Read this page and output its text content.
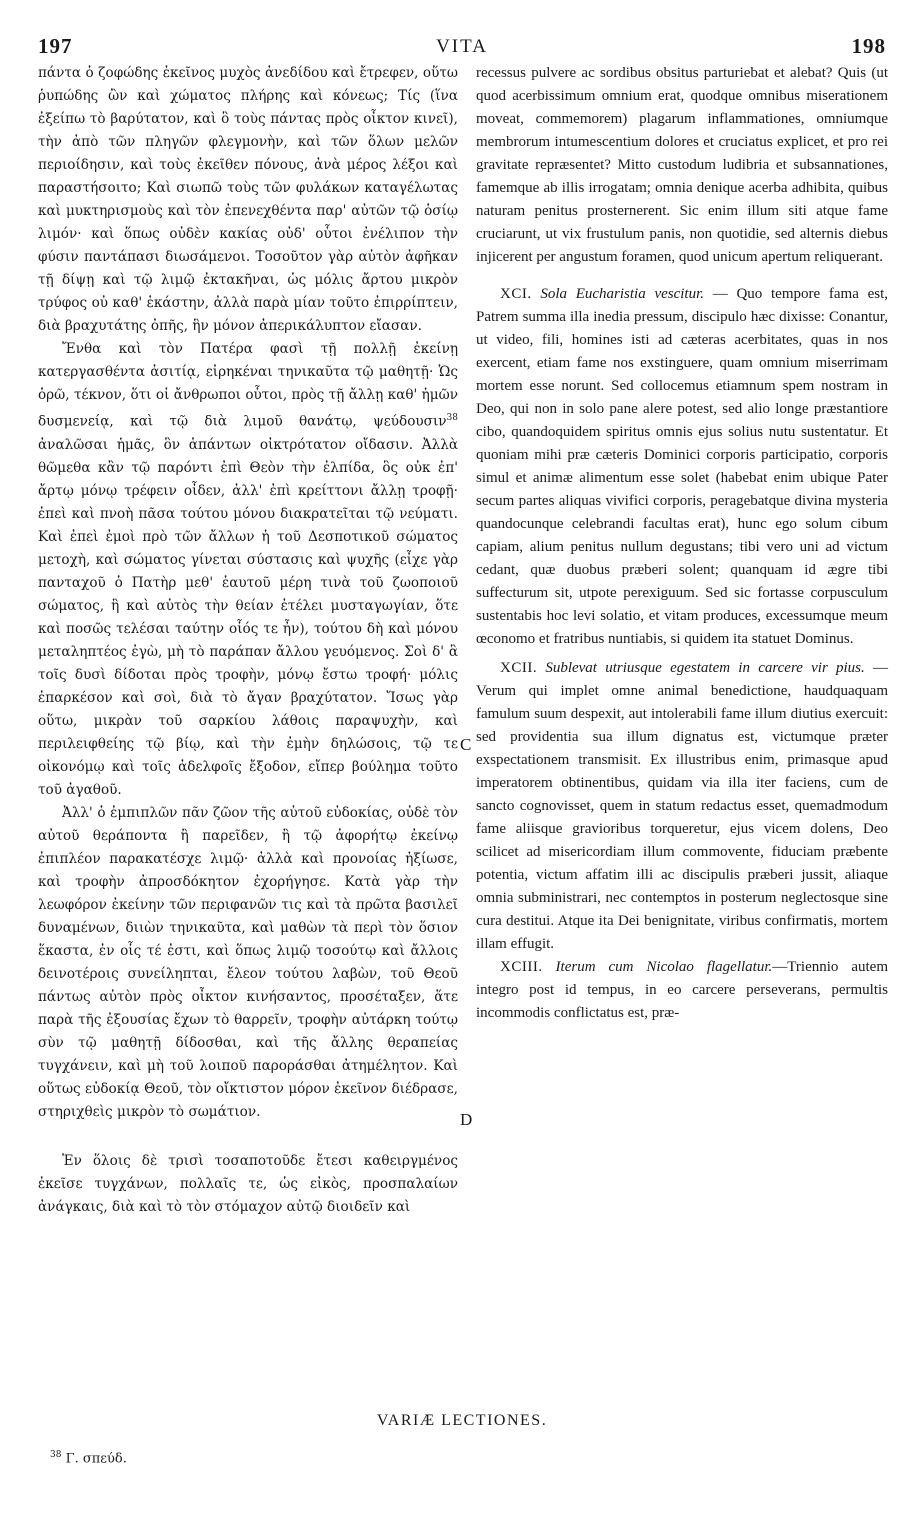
197	VITA	198

πάντα ὁ ζοφώδης ἐκεῖνος μυχὸς ἀνεδίδου καὶ ἔτρεφεν, οὕτω ῥυπώδης ὢν καὶ χώματος πλήρης καὶ κόνεως; Τίς (ἵνα ἐξείπω τὸ βαρύτατον, καὶ ὃ τοὺς πάντας πρὸς οἶκτον κινεῖ), τὴν ἀπὸ τῶν πληγῶν φλεγμονὴν, καὶ τῶν ὅλων μελῶν περιοίδησιν, καὶ τοὺς ἐκεῖθεν πόνους, ἀνὰ μέρος λέξοι καὶ παραστήσοιτο; Καὶ σιωπῶ τοὺς τῶν φυλάκων καταγέλωτας καὶ μυκτηρισμοὺς καὶ τὸν ἐπενεχθέντα παρ' αὐτῶν τῷ ὁσίῳ λιμόν· καὶ ὅπως οὐδὲν κακίας οὐδ' οὗτοι ἐνέλιπον τὴν φύσιν παντάπασι διωσάμενοι. Τοσοῦτον γὰρ αὐτὸν ἀφῆκαν τῇ δίψῃ καὶ τῷ λιμῷ ἐκτακῆναι, ὡς μόλις ἄρτου μικρὸν τρύφος οὐ καθ' ἑκάστην, ἀλλὰ παρὰ μίαν τοῦτο ἐπιρρίπτειν, διὰ βραχυτάτης ὀπῆς, ἣν μόνον ἀπερικάλυπτον εἴασαν.

Ἔνθα καὶ τὸν Πατέρα φασὶ τῇ πολλῇ ἐκείνῃ κατεργασθέντα ἀσιτίᾳ, εἰρηκέναι τηνικαῦτα τῷ μαθητῇ· Ὡς ὁρῶ, τέκνον, ὅτι οἱ ἄνθρωποι οὗτοι, πρὸς τῇ ἄλλῃ καθ' ἡμῶν δυσμενείᾳ, καὶ τῷ διὰ λιμοῦ θανάτῳ, ψεύδουσιν$^{38}$ ἀναλῶσαι ἡμᾶς, ὃν ἁπάντων οἰκτρότατον οἴδασιν. Ἀλλὰ θῶμεθα κἂν τῷ παρόντι ἐπὶ Θεὸν τὴν ἐλπίδα, ὃς οὐκ ἐπ' ἄρτῳ μόνῳ τρέφειν οἶδεν, ἀλλ' ἐπὶ κρείττονι ἄλλῃ τροφῇ· ἐπεὶ καὶ πνοὴ πᾶσα τούτου μόνου διακρατεῖται τῷ νεύματι. Καὶ ἐπεὶ ἐμοὶ πρὸ τῶν ἄλλων ἡ τοῦ Δεσποτικοῦ σώματος μετοχὴ, καὶ σώματος γίνεται σύστασις καὶ ψυχῆς (εἶχε γὰρ πανταχοῦ ὁ Πατὴρ μεθ' ἑαυτοῦ μέρη τινὰ τοῦ ζωοποιοῦ σώματος, ἣ καὶ αὐτὸς τὴν θείαν ἐτέλει μυσταγωγίαν, ὅτε καὶ ποσῶς τελέσαι ταύτην οἷός τε ἦν), τούτου δὴ καὶ μόνου μεταληπτέος ἐγὼ, μὴ τὸ παράπαν ἄλλου γευόμενος. Σοὶ δ' ἃ τοῖς δυσὶ δίδοται πρὸς τροφὴν, μόνῳ ἔστω τροφή· μόλις ἐπαρκέσον καὶ σοὶ, διὰ τὸ ἄγαν βραχύτατον. Ἴσως γὰρ οὕτω, μικρὰν τοῦ σαρκίου λάθοις παραψυχὴν, καὶ περιλειφθείης τῷ βίῳ, καὶ τὴν ἐμὴν δηλώσοις, τῷ τε οἰκονόμῳ καὶ τοῖς ἀδελφοῖς ἔξοδον, εἴπερ βούλημα τοῦτο τοῦ ἀγαθοῦ.

Ἀλλ' ὁ ἐμπιπλῶν πᾶν ζῶον τῆς αὐτοῦ εὐδοκίας, οὐδὲ τὸν αὐτοῦ θεράποντα ἢ παρεῖδεν, ἢ τῷ ἀφορήτῳ ἐκείνῳ ἐπιπλέον παρακατέσχε λιμῷ· ἀλλὰ καὶ προνοίας ἠξίωσε, καὶ τροφὴν ἀπροσδόκητον ἐχορήγησε. Κατὰ γὰρ τὴν λεωφόρον ἐκείνην τῶν περιφανῶν τις καὶ τὰ πρῶτα βασιλεῖ δυναμένων, διιὼν τηνικαῦτα, καὶ μαθὼν τὰ περὶ τὸν ὅσιον ἕκαστα, ἐν οἷς τέ ἐστι, καὶ ὅπως λιμῷ τοσούτῳ καὶ ἄλλοις δεινοτέροις συνείληπται, ἔλεον τούτου λαβὼν, τοῦ Θεοῦ πάντως αὐτὸν πρὸς οἶκτον κινήσαντος, προσέταξεν, ἅτε παρὰ τῆς ἐξουσίας ἔχων τὸ θαρρεῖν, τροφὴν αὐτάρκη τούτῳ σὺν τῷ μαθητῇ δίδοσθαι, καὶ τῆς ἄλλης θεραπείας τυγχάνειν, καὶ μὴ τοῦ λοιποῦ παροράσθαι ἀτημέλητον. Καὶ οὕτως εὐδοκίᾳ Θεοῦ, τὸν οἴκτιστον μόρον ἐκεῖνον διέδρασε, στηριχθεὶς μικρὸν τὸ σωμάτιον.

Ἐν ὅλοις δὲ τρισὶ τοσαποτοῦδε ἔτεσι καθειργμένος ἐκεῖσε τυγχάνων, πολλαῖς τε, ὡς εἰκὸς, προσπαλαίων ἀνάγκαις, διὰ καὶ τὸ τὸν στόμαχον αὐτῷ διοιδεῖν καὶ

recessus pulvere ac sordibus obsitus parturiebat et alebat? Quis (ut quod acerbissimum omnium erat, quodque omnibus miserationem moveat, commemorem) plagarum inflammationes, omniumque membrorum intumescentium dolores et cruciatus explicet, et pro rei gravitate repræsentet? Mitto custodum ludibria et subsannationes, famemque ab illis irrogatam; omnia denique acerba adhibita, quibus naturam penitus prosternerent. Sic enim illum siti atque fame cruciarunt, ut vix frustulum panis, non quotidie, sed alternis diebus injicerent per angustum foramen, quod unicum apertum reliquerant.

XCI. Sola Eucharistia vescitur. — Quo tempore fama est, Patrem summa illa inedia pressum, discipulo hæc dixisse: Conantur, ut video, fili, homines isti ad cæteras acerbitates, quas in nos exercent, etiam fame nos exstinguere, quam omnium miserrimam mortem esse norunt. Sed collocemus etiamnum spem nostram in Deo, qui non in solo pane alere potest, sed alio longe præstantiore cibo, quandoquidem spiritus omnis ejus solius nutu sustentatur. Et quoniam mihi præ cæteris Dominici corporis participatio, corporis simul et animæ alimentum esse solet (habebat enim ubique Pater secum partes aliquas vivifici corporis, peragebatque divina mysteria quandocunque celebrandi facultas erat), hunc ego solum cibum capiam, alium penitus nullum degustans; tibi vero uni ad victum cedant, quæ duobus præberi solent; quanquam id ægre tibi suffecturum sit, utpote perexiguum. Sed sic fortasse corpusculum sustentabis hoc levi solatio, et vitam produces, excessumque meum œconomo et fratribus nuntiabis, si quidem ita statuet Dominus.

XCII. Sublevat utriusque egestatem in carcere vir pius. — Verum qui implet omne animal benedictione, haudquaquam famulum suum despexit, aut intolerabili fame illum diutius exercuit: sed providentia sua illum dignatus est, victumque præter exspectationem transmisit. Ex illustribus enim, primasque apud imperatorem obtinentibus, quidam via illa iter faciens, cum de sancto cognovisset, quem in statum redactus esset, quemadmodum fame aliisque gravioribus torqueretur, ejus vicem dolens, Deo scilicet ad misericordiam illum commovente, fiduciam præbente potentia, victum affatim illi ac discipulis præberi jussit, aliaque omnia subministrari, nec contemptos in posterum neglectosque sine cura destitui. Atque ita Dei benignitate, viribus confirmatis, mortem illam effugit.

XCIII. Iterum cum Nicolao flagellatur.—Triennio autem integro post id tempus, in eo carcere perseverans, permultis incommodis conflictatus est, præ-

C
D
VARIÆ LECTIONES.
$^{38}$ Γ. σπεύδ.
